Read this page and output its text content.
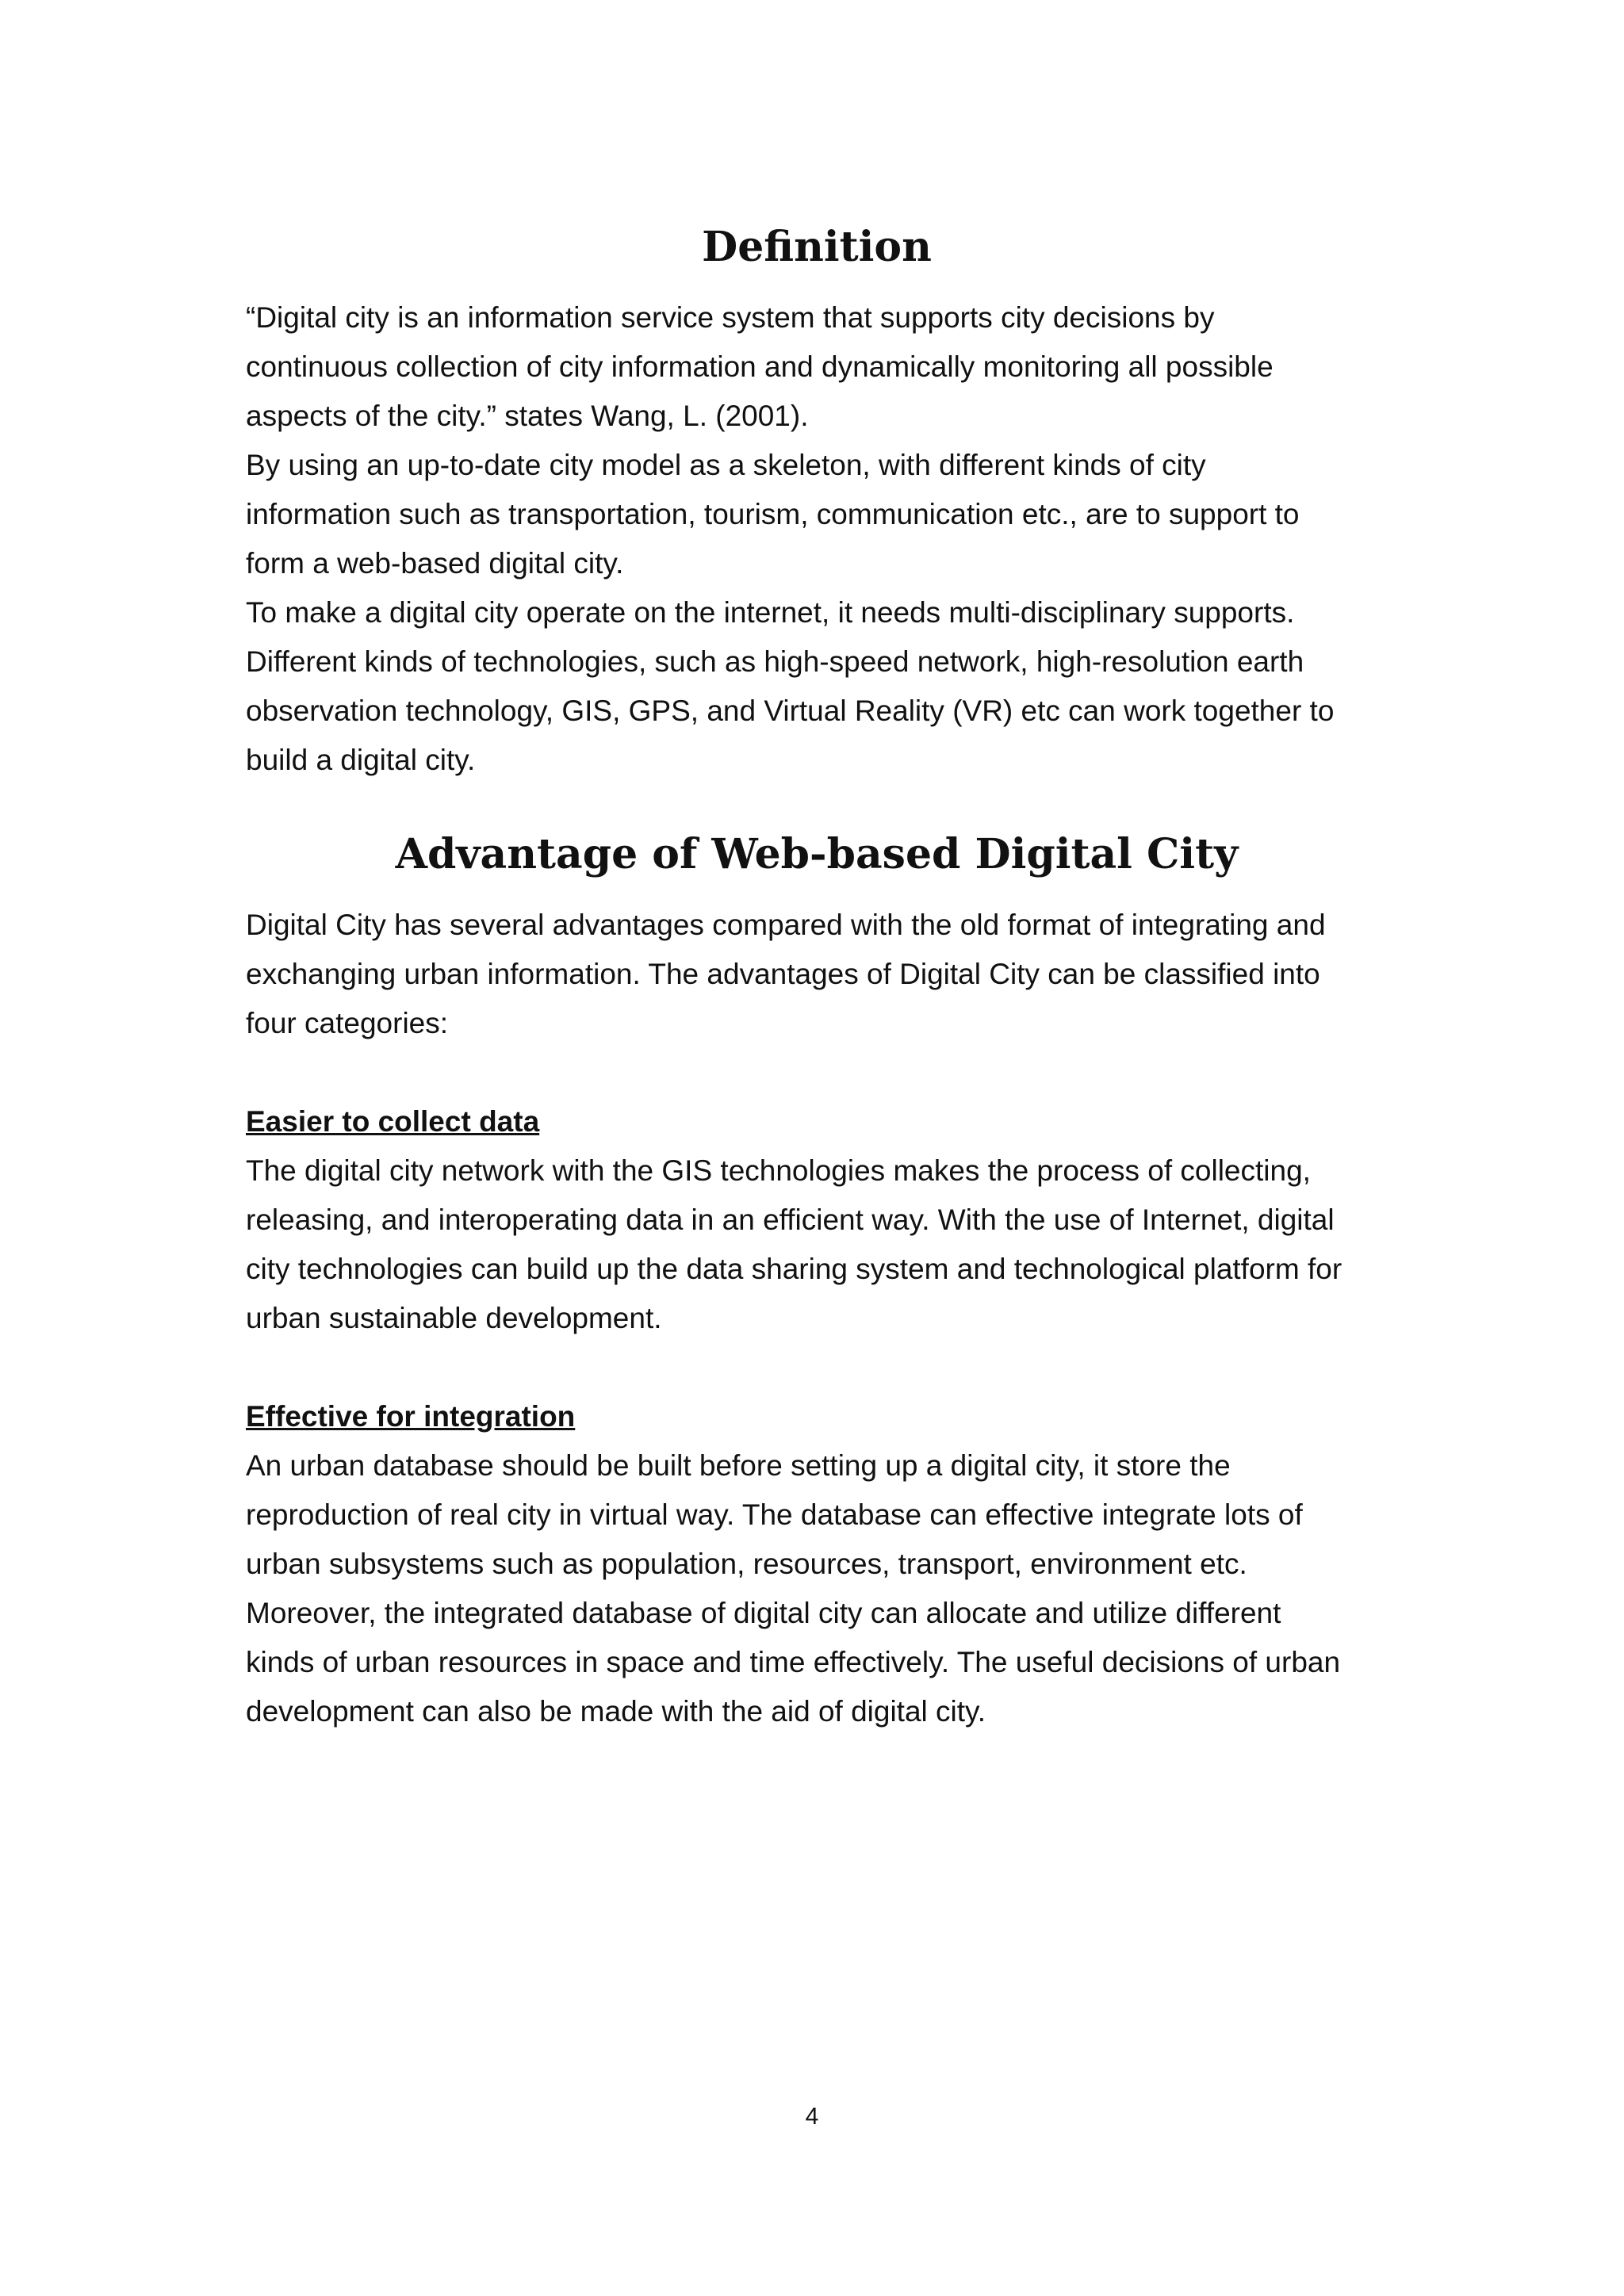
Definition

“Digital city is an information service system that supports city decisions by
continuous collection of city information and dynamically monitoring all possible
aspects of the city.” states Wang, L. (2001).
By using an up-to-date city model as a skeleton, with different kinds of city
information such as transportation, tourism, communication etc., are to support to
form a web-based digital city.
To make a digital city operate on the internet, it needs multi-disciplinary supports.
Different kinds of technologies, such as high-speed network, high-resolution earth
observation technology, GIS, GPS, and Virtual Reality (VR) etc can work together to
build a digital city.

Advantage of Web-based Digital City

Digital City has several advantages compared with the old format of integrating and
exchanging urban information. The advantages of Digital City can be classified into
four categories:

Easier to collect data

The digital city network with the GIS technologies makes the process of collecting,
releasing, and interoperating data in an efficient way. With the use of Internet, digital
city technologies can build up the data sharing system and technological platform for
urban sustainable development.

Effective for integration

An urban database should be built before setting up a digital city, it store the
reproduction of real city in virtual way. The database can effective integrate lots of
urban subsystems such as population, resources, transport, environment etc.
Moreover, the integrated database of digital city can allocate and utilize different
kinds of urban resources in space and time effectively. The useful decisions of urban
development can also be made with the aid of digital city.

4
